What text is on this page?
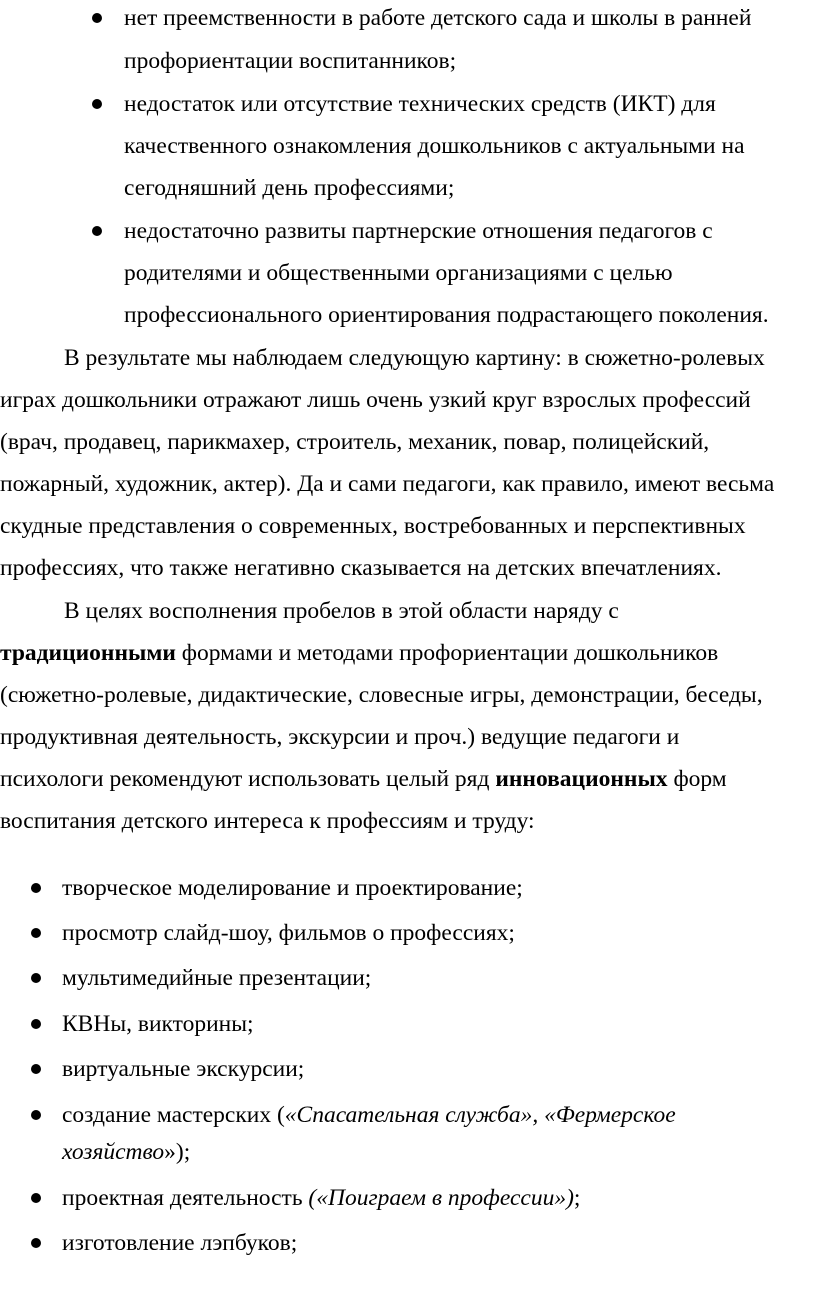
нет преемственности в работе детского сада и школы в ранней
профориентации воспитанников;
недостаток или отсутствие технических средств (ИКТ) для
качественного ознакомления дошкольников с актуальными на
сегодняшний день профессиями;
недостаточно развиты партнерские отношения педагогов с
родителями и общественными организациями с целью
профессионального ориентирования подрастающего поколения.
В результате мы наблюдаем следующую картину: в сюжетно-ролевых
играх дошкольники отражают лишь очень узкий круг взрослых профессий
(врач, продавец, парикмахер, строитель, механик, повар, полицейский,
пожарный, художник, актер). Да и сами педагоги, как правило, имеют весьма
скудные представления о современных, востребованных и перспективных
профессиях, что также негативно сказывается на детских впечатлениях.
В целях восполнения пробелов в этой области наряду с
традиционными формами и методами профориентации дошкольников
(сюжетно-ролевые, дидактические, словесные игры, демонстрации, беседы,
продуктивная деятельность, экскурсии и проч.) ведущие педагоги и
психологи рекомендуют использовать целый ряд инновационных форм
воспитания детского интереса к профессиям и труду:
творческое моделирование и проектирование;
просмотр слайд-шоу, фильмов о профессиях;
мультимедийные презентации;
КВНы, викторины;
виртуальные экскурсии;
создание мастерских («Спасательная служба», «Фермерское
хозяйство»);
проектная деятельность («Поиграем в профессии»);
изготовление лэпбуков;
